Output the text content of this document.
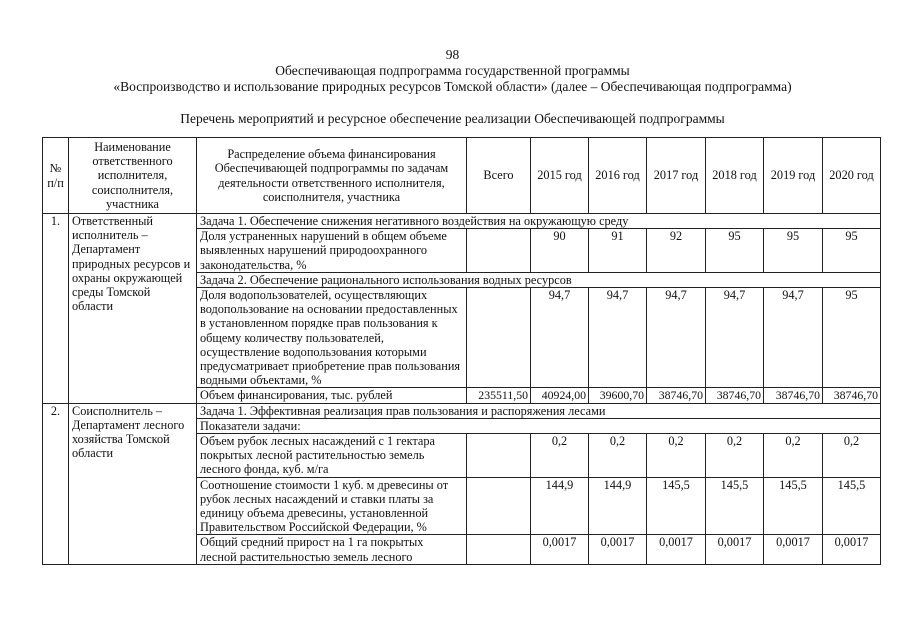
98
Обеспечивающая подпрограмма государственной программы
«Воспроизводство и использование природных ресурсов Томской области» (далее – Обеспечивающая подпрограмма)
Перечень мероприятий и ресурсное обеспечение реализации Обеспечивающей подпрограммы
№ п/п	Наименование ответственного исполнителя, соисполнителя, участника	Распределение объема финансирования Обеспечивающей подпрограммы по задачам деятельности ответственного исполнителя, соисполнителя, участника	Всего	2015 год	2016 год	2017 год	2018 год	2019 год	2020 год
1.	Ответственный исполнитель – Департамент природных ресурсов и охраны окружающей среды Томской области	Задача 1. Обеспечение снижения негативного воздействия на окружающую среду							
		Доля устраненных нарушений в общем объеме выявленных нарушений природоохранного законодательства, %		90	91	92	95	95	95
		Задача 2. Обеспечение рационального использования водных ресурсов							
		Доля водопользователей, осуществляющих водопользование на основании предоставленных в установленном порядке прав пользования к общему количеству пользователей, осуществление водопользования которыми предусматривает приобретение прав пользования водными объектами, %		94,7	94,7	94,7	94,7	94,7	95
		Объем финансирования, тыс. рублей	235511,50	40924,00	39600,70	38746,70	38746,70	38746,70	38746,70
2.	Соисполнитель – Департамент лесного хозяйства Томской области	Задача 1. Эффективная реализация прав пользования и распоряжения лесами							
		Показатели задачи:							
		Объем рубок лесных насаждений с 1 гектара покрытых лесной растительностью земель лесного фонда, куб. м/га		0,2	0,2	0,2	0,2	0,2	0,2
		Соотношение стоимости 1 куб. м древесины от рубок лесных насаждений и ставки платы за единицу объема древесины, установленной Правительством Российской Федерации, %		144,9	144,9	145,5	145,5	145,5	145,5
		Общий средний прирост на 1 га покрытых лесной растительностью земель лесного		0,0017	0,0017	0,0017	0,0017	0,0017	0,0017
